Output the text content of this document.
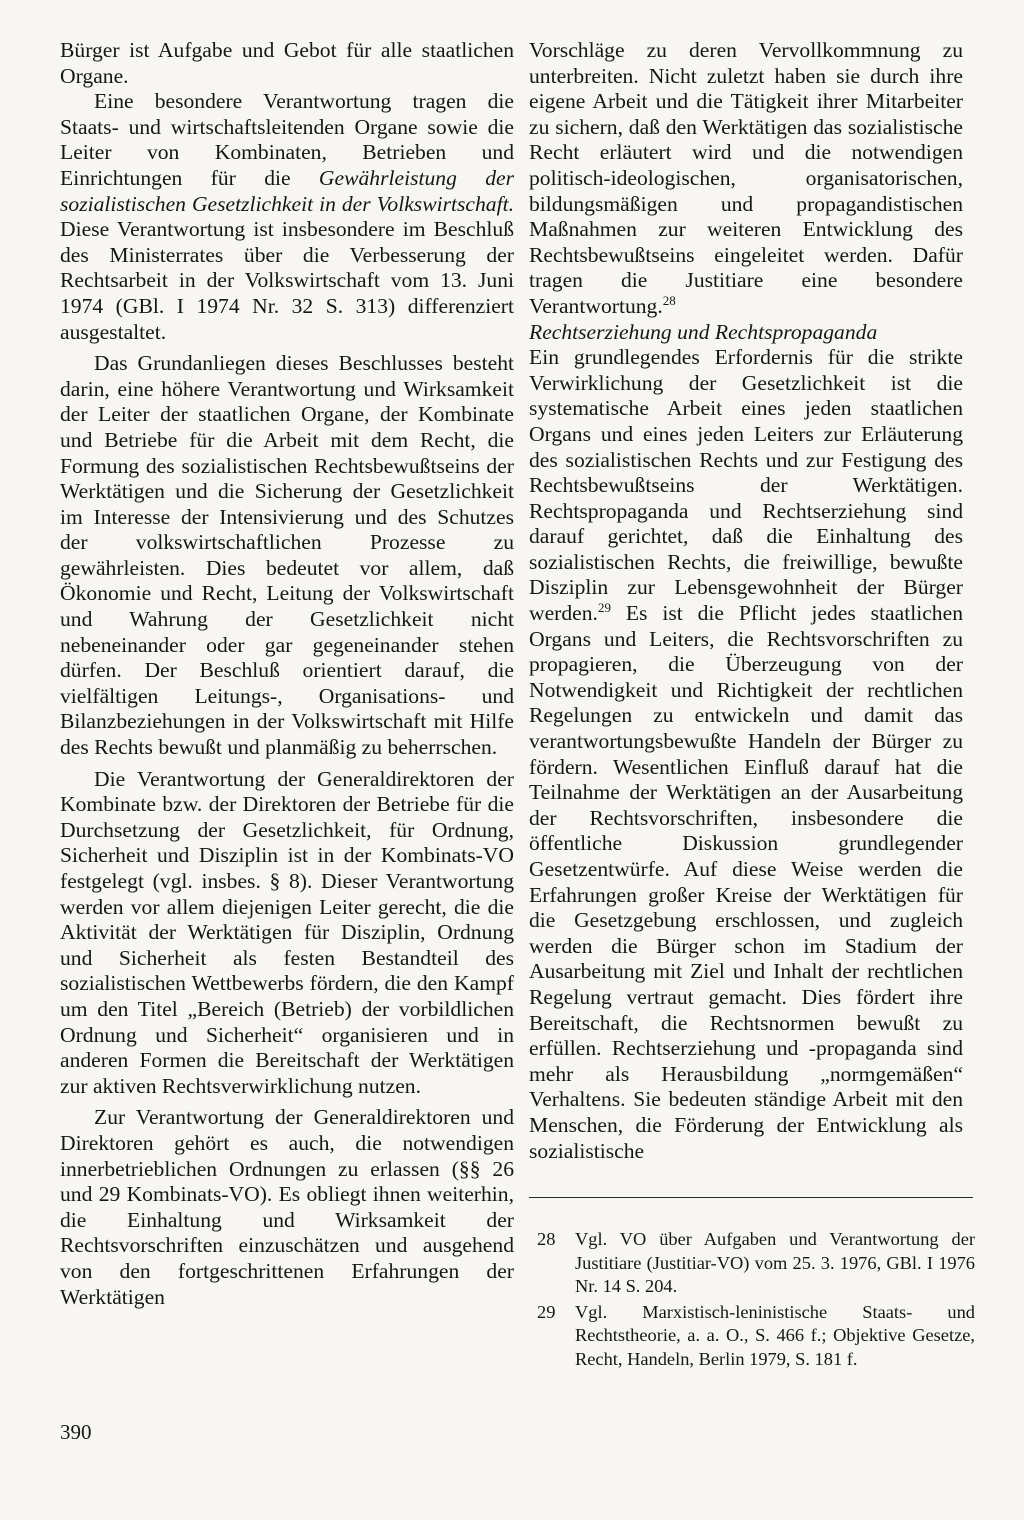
Bürger ist Aufgabe und Gebot für alle staatlichen Organe.

Eine besondere Verantwortung tragen die Staats- und wirtschaftsleitenden Organe sowie die Leiter von Kombinaten, Betrieben und Einrichtungen für die Gewährleistung der sozialistischen Gesetzlichkeit in der Volkswirtschaft. Diese Verantwortung ist insbesondere im Beschluß des Ministerrates über die Verbesserung der Rechtsarbeit in der Volkswirtschaft vom 13. Juni 1974 (GBl. I 1974 Nr. 32 S. 313) differenziert ausgestaltet.

Das Grundanliegen dieses Beschlusses besteht darin, eine höhere Verantwortung und Wirksamkeit der Leiter der staatlichen Organe, der Kombinate und Betriebe für die Arbeit mit dem Recht, die Formung des sozialistischen Rechtsbewußtseins der Werktätigen und die Sicherung der Gesetzlichkeit im Interesse der Intensivierung und des Schutzes der volkswirtschaftlichen Prozesse zu gewährleisten. Dies bedeutet vor allem, daß Ökonomie und Recht, Leitung der Volkswirtschaft und Wahrung der Gesetzlichkeit nicht nebeneinander oder gar gegeneinander stehen dürfen. Der Beschluß orientiert darauf, die vielfältigen Leitungs-, Organisations- und Bilanzbeziehungen in der Volkswirtschaft mit Hilfe des Rechts bewußt und planmäßig zu beherrschen.

Die Verantwortung der Generaldirektoren der Kombinate bzw. der Direktoren der Betriebe für die Durchsetzung der Gesetzlichkeit, für Ordnung, Sicherheit und Disziplin ist in der Kombinats-VO festgelegt (vgl. insbes. § 8). Dieser Verantwortung werden vor allem diejenigen Leiter gerecht, die die Aktivität der Werktätigen für Disziplin, Ordnung und Sicherheit als festen Bestandteil des sozialistischen Wettbewerbs fördern, die den Kampf um den Titel „Bereich (Betrieb) der vorbildlichen Ordnung und Sicherheit“ organisieren und in anderen Formen die Bereitschaft der Werktätigen zur aktiven Rechtsverwirklichung nutzen.

Zur Verantwortung der Generaldirektoren und Direktoren gehört es auch, die notwendigen innerbetrieblichen Ordnungen zu erlassen (§§ 26 und 29 Kombinats-VO). Es obliegt ihnen weiterhin, die Einhaltung und Wirksamkeit der Rechtsvorschriften einzuschätzen und ausgehend von den fortgeschrittenen Erfahrungen der Werktätigen

Vorschläge zu deren Vervollkommnung zu unterbreiten. Nicht zuletzt haben sie durch ihre eigene Arbeit und die Tätigkeit ihrer Mitarbeiter zu sichern, daß den Werktätigen das sozialistische Recht erläutert wird und die notwendigen politisch-ideologischen, organisatorischen, bildungsmäßigen und propagandistischen Maßnahmen zur weiteren Entwicklung des Rechtsbewußtseins eingeleitet werden. Dafür tragen die Justitiare eine besondere Verantwortung.$^{28}$

Rechtserziehung und Rechtspropaganda

Ein grundlegendes Erfordernis für die strikte Verwirklichung der Gesetzlichkeit ist die systematische Arbeit eines jeden staatlichen Organs und eines jeden Leiters zur Erläuterung des sozialistischen Rechts und zur Festigung des Rechtsbewußtseins der Werktätigen. Rechtspropaganda und Rechtserziehung sind darauf gerichtet, daß die Einhaltung des sozialistischen Rechts, die freiwillige, bewußte Disziplin zur Lebensgewohnheit der Bürger werden.$^{29}$ Es ist die Pflicht jedes staatlichen Organs und Leiters, die Rechtsvorschriften zu propagieren, die Überzeugung von der Notwendigkeit und Richtigkeit der rechtlichen Regelungen zu entwickeln und damit das verantwortungsbewußte Handeln der Bürger zu fördern. Wesentlichen Einfluß darauf hat die Teilnahme der Werktätigen an der Ausarbeitung der Rechtsvorschriften, insbesondere die öffentliche Diskussion grundlegender Gesetzentwürfe. Auf diese Weise werden die Erfahrungen großer Kreise der Werktätigen für die Gesetzgebung erschlossen, und zugleich werden die Bürger schon im Stadium der Ausarbeitung mit Ziel und Inhalt der rechtlichen Regelung vertraut gemacht. Dies fördert ihre Bereitschaft, die Rechtsnormen bewußt zu erfüllen. Rechtserziehung und -propaganda sind mehr als Herausbildung „normgemäßen“ Verhaltens. Sie bedeuten ständige Arbeit mit den Menschen, die Förderung der Entwicklung als sozialistische

28	Vgl. VO über Aufgaben und Verantwortung der Justitiare (Justitiar-VO) vom 25. 3. 1976, GBl. I 1976 Nr. 14 S. 204.
29	Vgl. Marxistisch-leninistische Staats- und Rechtstheorie, a. a. O., S. 466 f.; Objektive Gesetze, Recht, Handeln, Berlin 1979, S. 181 f.
390
